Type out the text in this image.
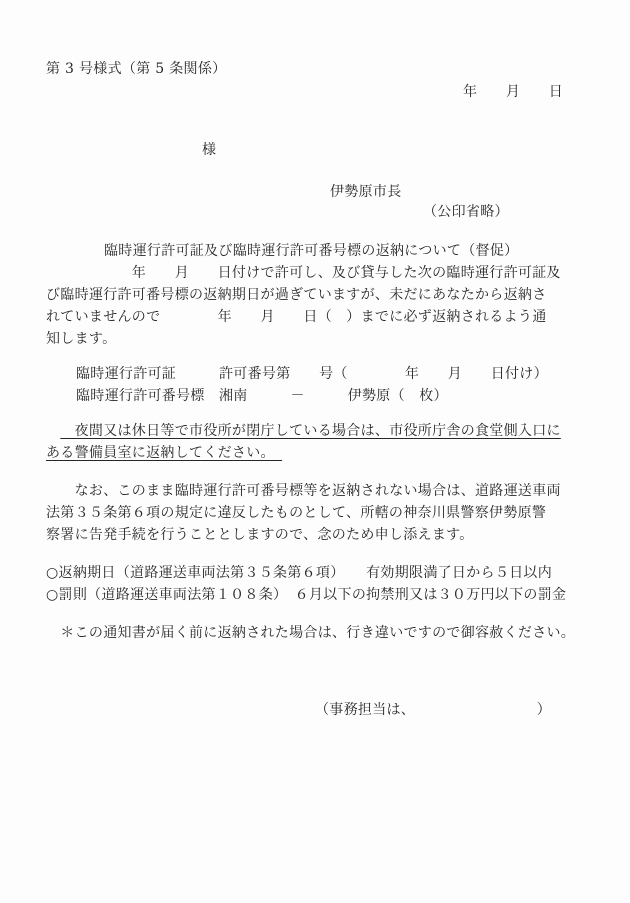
第 3 号様式（第 5 条関係）
年　　月　　日
様
伊勢原市長
（公印省略）
臨時運行許可証及び臨時運行許可番号標の返納について（督促）
　　　　　　年　　月　　日付けで許可し、及び貸与した次の臨時運行許可証及
び臨時運行許可番号標の返納期日が過ぎていますが、未だにあなたから返納さ
れていませんので　　　　年　　月　　日（　）までに必ず返納されるよう通
知します。
臨時運行許可証　　　許可番号第　　号（　　　　年　　月　　日付け）
臨時運行許可番号標　湘南　　　－　　　伊勢原（　枚）
　　夜間又は休日等で市役所が閉庁している場合は、市役所庁舎の食堂側入口に
ある警備員室に返納してください。　
　　なお、このまま臨時運行許可番号標等を返納されない場合は、道路運送車両
法第３５条第６項の規定に違反したものとして、所轄の神奈川県警察伊勢原警
察署に告発手続を行うこととしますので、念のため申し添えます。
○返納期日（道路運送車両法第３５条第６項）　　有効期限満了日から５日以内
○罰則（道路運送車両法第１０８条）　６月以下の拘禁刑又は３０万円以下の罰金
　＊この通知書が届く前に返納された場合は、行き違いですので御容赦ください。
（事務担当は、　　　　　　　　　）
